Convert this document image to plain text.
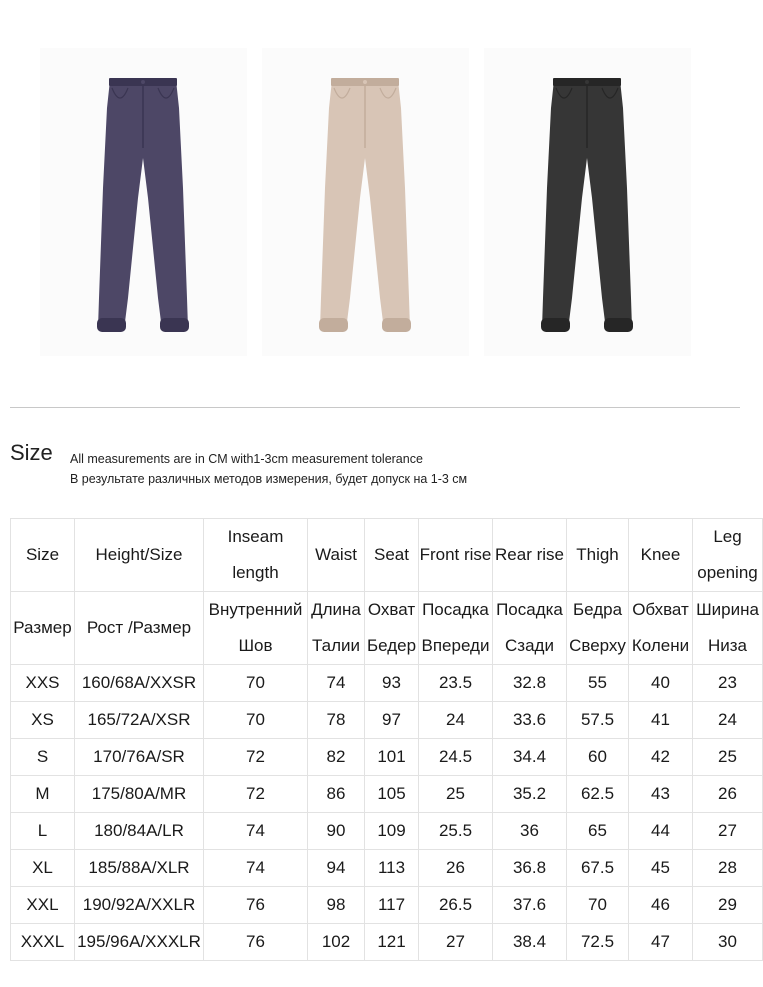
Size All measurements are in CM with1-3cm measurement tolerance
В результате различных методов измерения, будет допуск на 1-3 см
Size	Height/Size	Inseam length	Waist	Seat	Front rise	Rear rise	Thigh	Knee	Leg opening
Размер	Рост /Размер	Внутренний Шов	Длина Талии	Охват Бедер	Посадка Впереди	Посадка Сзади	Бедра Сверху	Обхват Колени	Ширина Низа
XXS	160/68A/XXSR	70	74	93	23.5	32.8	55	40	23
XS	165/72A/XSR	70	78	97	24	33.6	57.5	41	24
S	170/76A/SR	72	82	101	24.5	34.4	60	42	25
M	175/80A/MR	72	86	105	25	35.2	62.5	43	26
L	180/84A/LR	74	90	109	25.5	36	65	44	27
XL	185/88A/XLR	74	94	113	26	36.8	67.5	45	28
XXL	190/92A/XXLR	76	98	117	26.5	37.6	70	46	29
XXXL	195/96A/XXXLR	76	102	121	27	38.4	72.5	47	30
